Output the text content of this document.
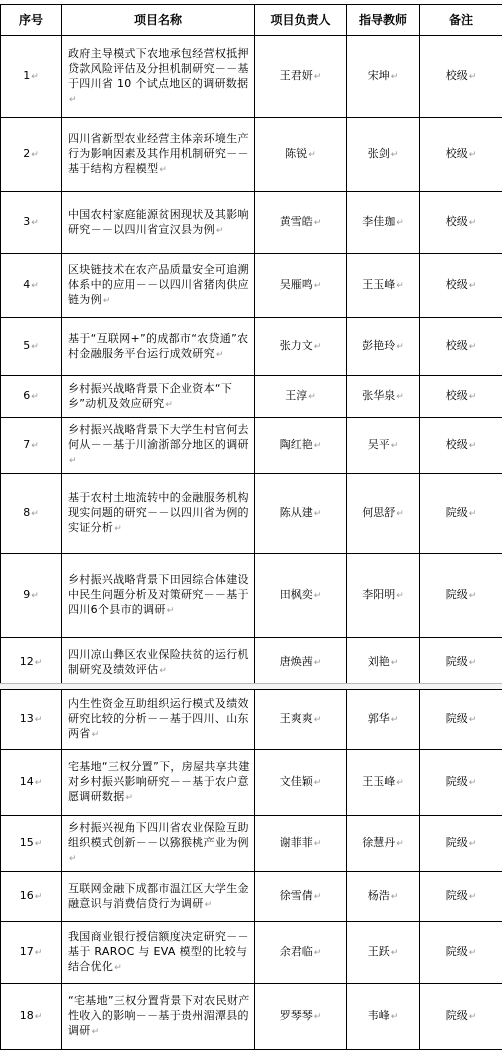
序号	项目名称	项目负责人	指导教师	备注
1↵	政府主导模式下农地承包经营权抵押贷款风险评估及分担机制研究－－基于四川省 10 个试点地区的调研数据↵	王君妍↵	宋坤↵	校级↵
2↵	四川省新型农业经营主体亲环境生产行为影响因素及其作用机制研究－－基于结构方程模型↵	陈锐↵	张剑↵	校级↵
3↵	中国农村家庭能源贫困现状及其影响研究－－以四川省宣汉县为例↵	黄雪皓↵	李佳珈↵	校级↵
4↵	区块链技术在农产品质量安全可追溯体系中的应用－－以四川省猪肉供应链为例↵	吴雁鸣↵	王玉峰↵	校级↵
5↵	基于“互联网+”的成都市“农贷通”农村金融服务平台运行成效研究↵	张力文↵	彭艳玲↵	校级↵
6↵	乡村振兴战略背景下企业资本“下乡”动机及效应研究↵	王淳↵	张华泉↵	校级↵
7↵	乡村振兴战略背景下大学生村官何去何从－－基于川渝浙部分地区的调研↵	陶红艳↵	吴平↵	校级↵
8↵	基于农村土地流转中的金融服务机构现实问题的研究－－以四川省为例的实证分析↵	陈从建↵	何思舒↵	院级↵
9↵	乡村振兴战略背景下田园综合体建设中民生问题分析及对策研究－－基于四川6个县市的调研↵	田枫奕↵	李阳明↵	院级↵
12↵	四川凉山彝区农业保险扶贫的运行机制研究及绩效评估↵	唐焕茜↵	刘艳↵	院级↵
13↵	内生性资金互助组织运行模式及绩效研究比较的分析－－基于四川、山东两省↵	王爽爽↵	郭华↵	院级↵
14↵	宅基地“三权分置”下，房屋共享共建对乡村振兴影响研究－－基于农户意愿调研数据↵	文佳颖↵	王玉峰↵	院级↵
15↵	乡村振兴视角下四川省农业保险互助组织模式创新－－以猕猴桃产业为例↵	谢菲菲↵	徐慧丹↵	院级↵
16↵	互联网金融下成都市温江区大学生金融意识与消费信贷行为调研↵	徐雪倩↵	杨浩↵	院级↵
17↵	我国商业银行授信额度决定研究－－基于 RAROC 与 EVA 模型的比较与结合优化↵	余君临↵	王跃↵	院级↵
18↵	“宅基地”三权分置背景下对农民财产性收入的影响－－基于贵州湄潭县的调研↵	罗琴琴↵	韦峰↵	院级↵
